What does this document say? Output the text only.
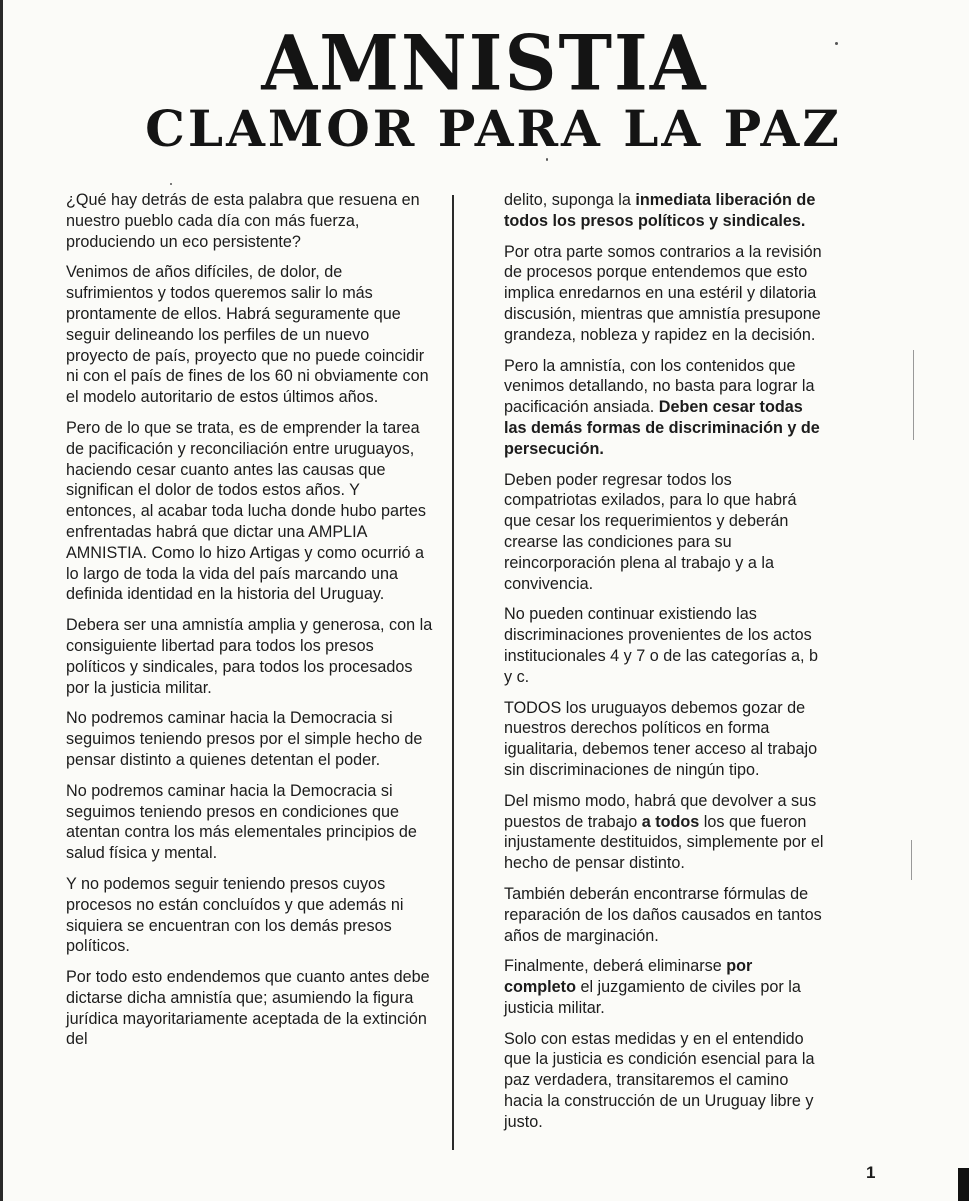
AMNISTIA
CLAMOR PARA LA PAZ

¿Qué hay detrás de esta palabra que resuena en nuestro pueblo cada día con más fuerza, produciendo un eco persistente?

Venimos de años difíciles, de dolor, de sufrimientos y todos queremos salir lo más prontamente de ellos. Habrá seguramente que seguir delineando los perfiles de un nuevo proyecto de país, proyecto que no puede coincidir ni con el país de fines de los 60 ni obviamente con el modelo autoritario de estos últimos años.

Pero de lo que se trata, es de emprender la tarea de pacificación y reconciliación entre uruguayos, haciendo cesar cuanto antes las causas que significan el dolor de todos estos años. Y entonces, al acabar toda lucha donde hubo partes enfrentadas habrá que dictar una AMPLIA AMNISTIA. Como lo hizo Artigas y como ocurrió a lo largo de toda la vida del país marcando una definida identidad en la historia del Uruguay.

Debera ser una amnistía amplia y generosa, con la consiguiente libertad para todos los presos políticos y sindicales, para todos los procesados por la justicia militar.

No podremos caminar hacia la Democracia si seguimos teniendo presos por el simple hecho de pensar distinto a quienes detentan el poder.

No podremos caminar hacia la Democracia si seguimos teniendo presos en condiciones que atentan contra los más elementales principios de salud física y mental.

Y no podemos seguir teniendo presos cuyos procesos no están concluídos y que además ni siquiera se encuentran con los demás presos políticos.

Por todo esto endendemos que cuanto antes debe dictarse dicha amnistía que; asumiendo la figura jurídica mayoritariamente aceptada de la extinción del

delito, suponga la inmediata liberación de todos los presos políticos y sindicales.

Por otra parte somos contrarios a la revisión de procesos porque entendemos que esto implica enredarnos en una estéril y dilatoria discusión, mientras que amnistía presupone grandeza, nobleza y rapidez en la decisión.

Pero la amnistía, con los contenidos que venimos detallando, no basta para lograr la pacificación ansiada. Deben cesar todas las demás formas de discriminación y de persecución.

Deben poder regresar todos los compatriotas exilados, para lo que habrá que cesar los requerimientos y deberán crearse las condiciones para su reincorporación plena al trabajo y a la convivencia.

No pueden continuar existiendo las discriminaciones provenientes de los actos institucionales 4 y 7 o de las categorías a, b y c.

TODOS los uruguayos debemos gozar de nuestros derechos políticos en forma igualitaria, debemos tener acceso al trabajo sin discriminaciones de ningún tipo.

Del mismo modo, habrá que devolver a sus puestos de trabajo a todos los que fueron injustamente destituidos, simplemente por el hecho de pensar distinto.

También deberán encontrarse fórmulas de reparación de los daños causados en tantos años de marginación.

Finalmente, deberá eliminarse por completo el juzgamiento de civiles por la justicia militar.

Solo con estas medidas y en el entendido que la justicia es condición esencial para la paz verdadera, transitaremos el camino hacia la construcción de un Uruguay libre y justo.

1
